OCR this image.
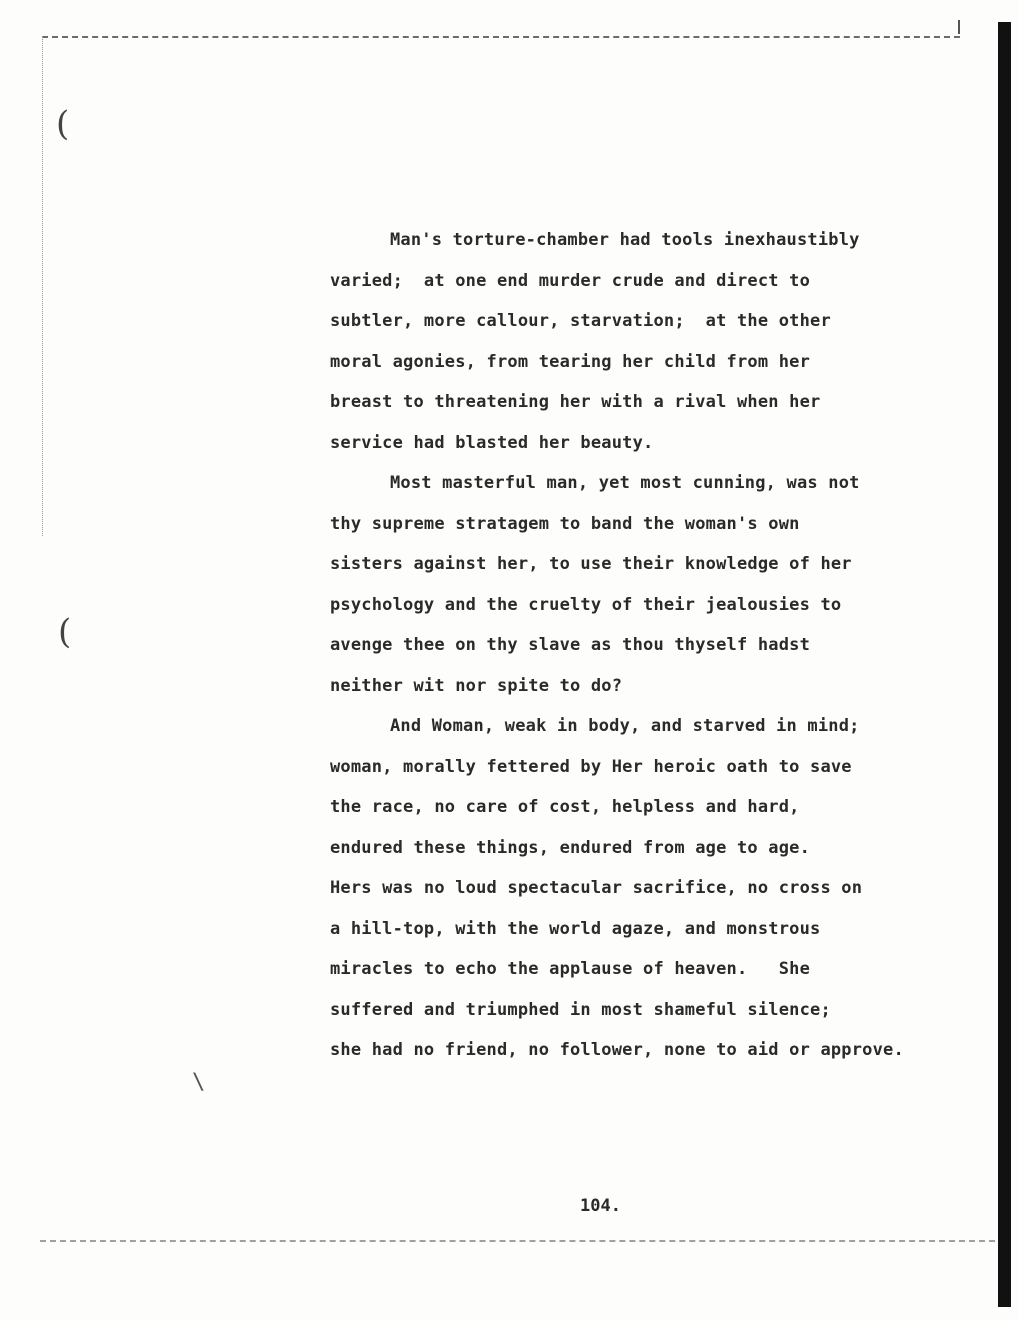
(
(
\
Man's torture-chamber had tools inexhaustibly
varied;  at one end murder crude and direct to
subtler, more callour, starvation;  at the other
moral agonies, from tearing her child from her
breast to threatening her with a rival when her
service had blasted her beauty.
Most masterful man, yet most cunning, was not
thy supreme stratagem to band the woman's own
sisters against her, to use their knowledge of her
psychology and the cruelty of their jealousies to
avenge thee on thy slave as thou thyself hadst
neither wit nor spite to do?
And Woman, weak in body, and starved in mind;
woman, morally fettered by Her heroic oath to save
the race, no care of cost, helpless and hard,
endured these things, endured from age to age.
Hers was no loud spectacular sacrifice, no cross on
a hill-top, with the world agaze, and monstrous
miracles to echo the applause of heaven.   She
suffered and triumphed in most shameful silence;
she had no friend, no follower, none to aid or approve.
104.
